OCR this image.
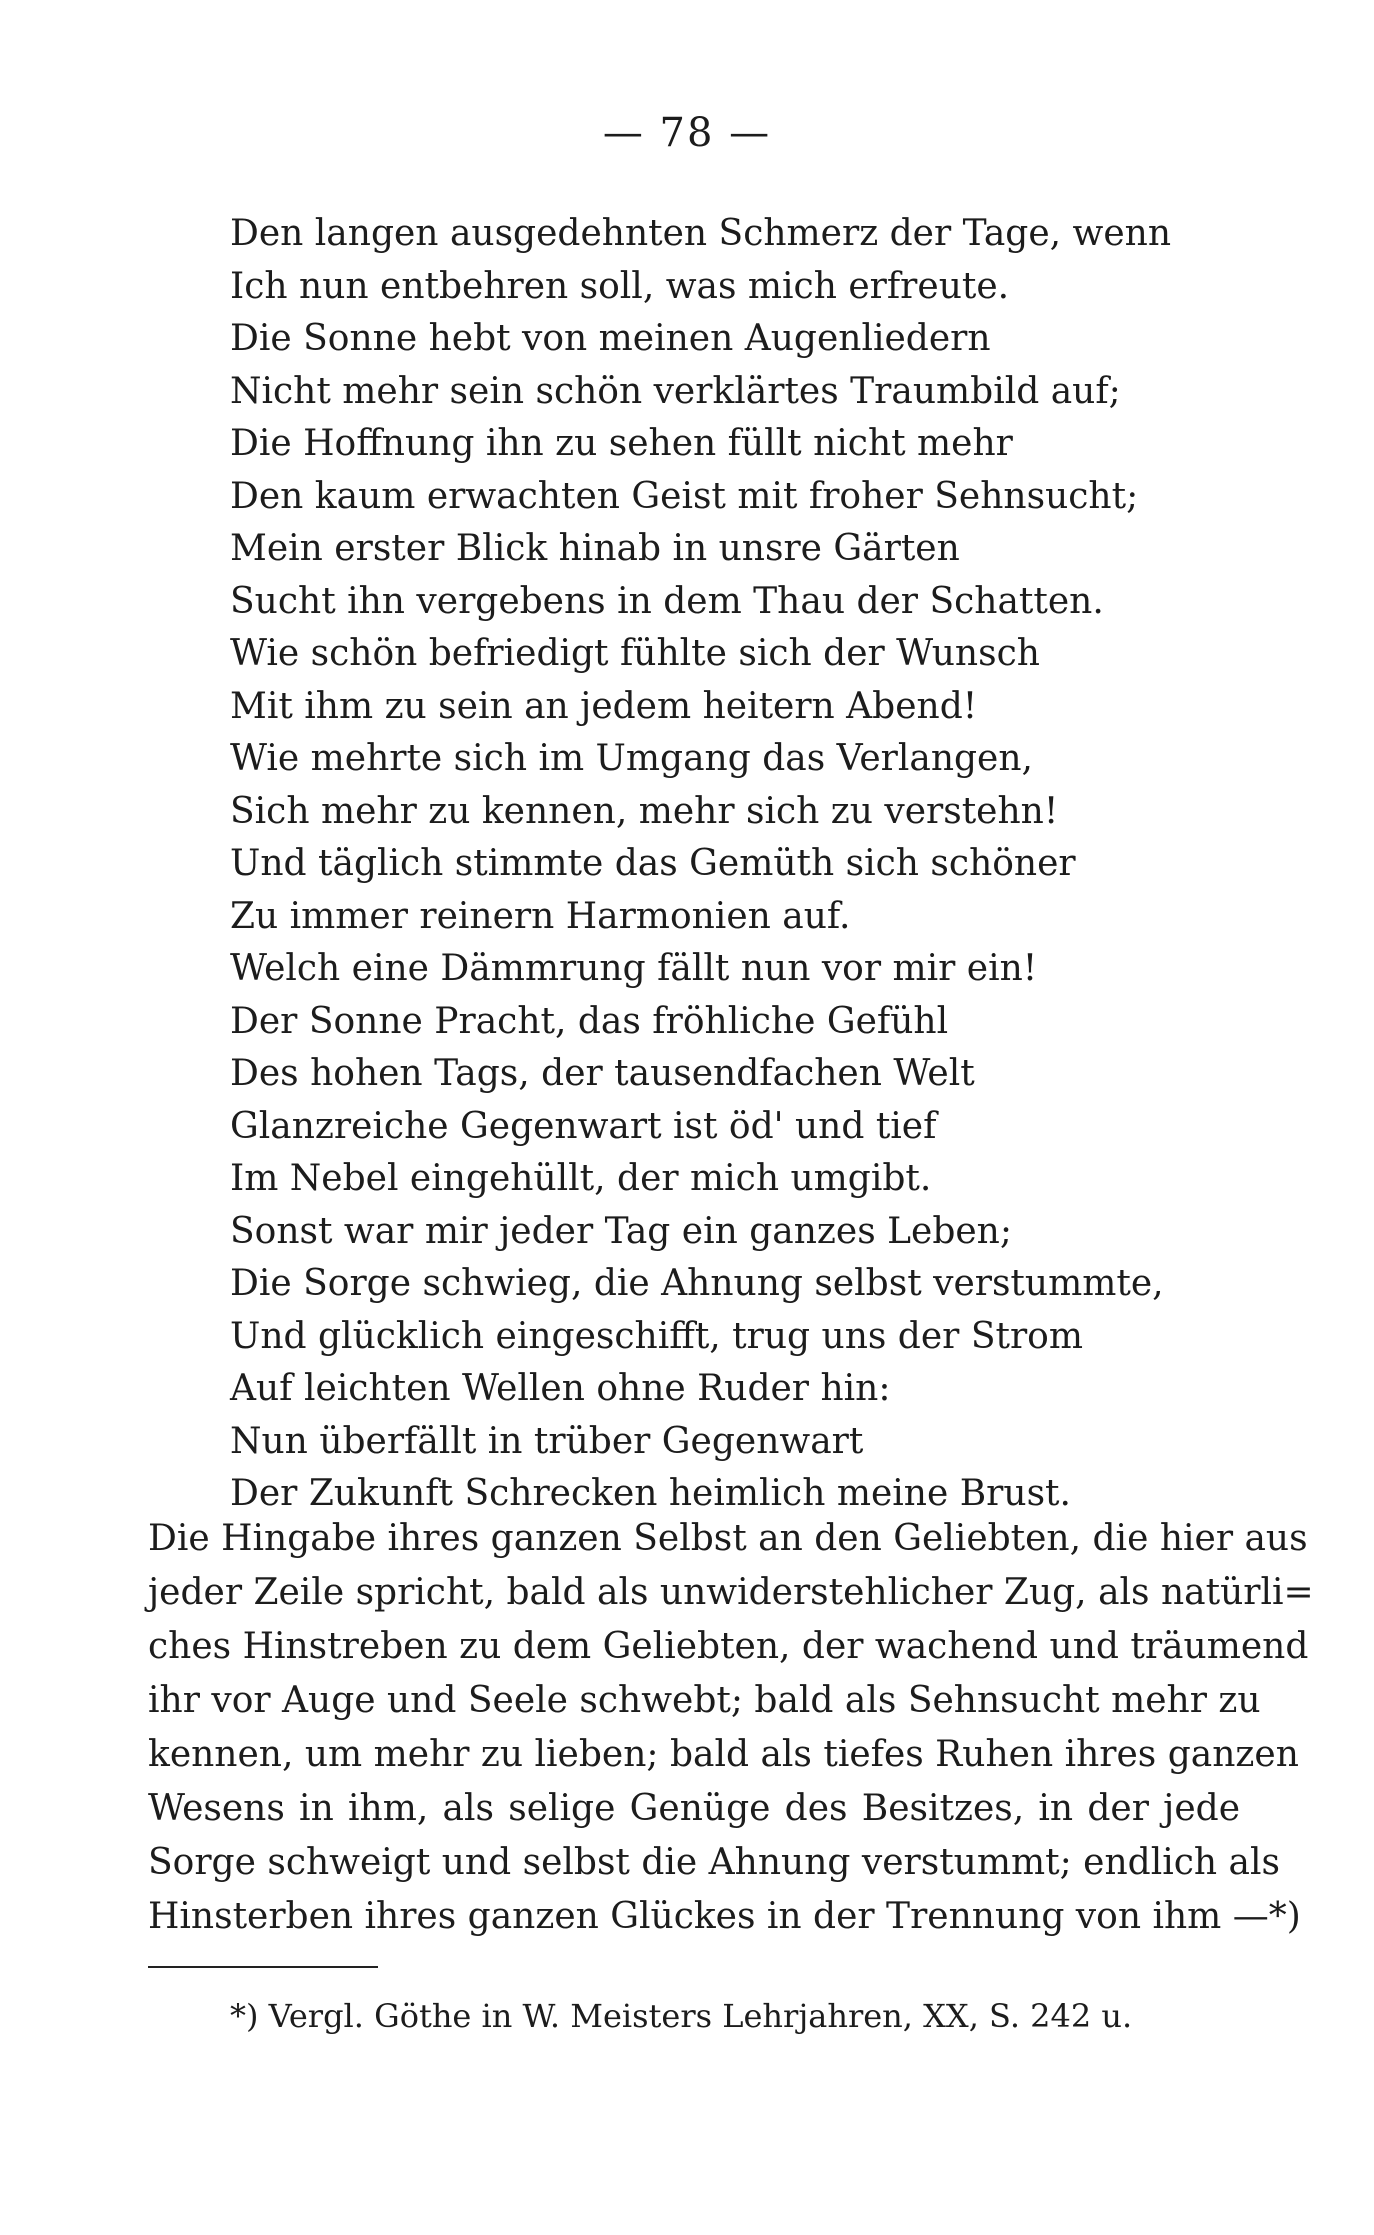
— 78 —
Den langen ausgedehnten Schmerz der Tage, wenn
Ich nun entbehren soll, was mich erfreute.
Die Sonne hebt von meinen Augenliedern
Nicht mehr sein schön verklärtes Traumbild auf;
Die Hoffnung ihn zu sehen füllt nicht mehr
Den kaum erwachten Geist mit froher Sehnsucht;
Mein erster Blick hinab in unsre Gärten
Sucht ihn vergebens in dem Thau der Schatten.
Wie schön befriedigt fühlte sich der Wunsch
Mit ihm zu sein an jedem heitern Abend!
Wie mehrte sich im Umgang das Verlangen,
Sich mehr zu kennen, mehr sich zu verstehn!
Und täglich stimmte das Gemüth sich schöner
Zu immer reinern Harmonien auf.
Welch eine Dämmrung fällt nun vor mir ein!
Der Sonne Pracht, das fröhliche Gefühl
Des hohen Tags, der tausendfachen Welt
Glanzreiche Gegenwart ist öd' und tief
Im Nebel eingehüllt, der mich umgibt.
Sonst war mir jeder Tag ein ganzes Leben;
Die Sorge schwieg, die Ahnung selbst verstummte,
Und glücklich eingeschifft, trug uns der Strom
Auf leichten Wellen ohne Ruder hin:
Nun überfällt in trüber Gegenwart
Der Zukunft Schrecken heimlich meine Brust.
Die Hingabe ihres ganzen Selbst an den Geliebten, die hier aus
jeder Zeile spricht, bald als unwiderstehlicher Zug, als natürli=
ches Hinstreben zu dem Geliebten, der wachend und träumend
ihr vor Auge und Seele schwebt; bald als Sehnsucht mehr zu
kennen, um mehr zu lieben; bald als tiefes Ruhen ihres ganzen
Wesens in ihm, als selige Genüge des Besitzes, in der jede
Sorge schweigt und selbst die Ahnung verstummt; endlich als
Hinsterben ihres ganzen Glückes in der Trennung von ihm —*)
*) Vergl. Göthe in W. Meisters Lehrjahren, XX, S. 242 u.
